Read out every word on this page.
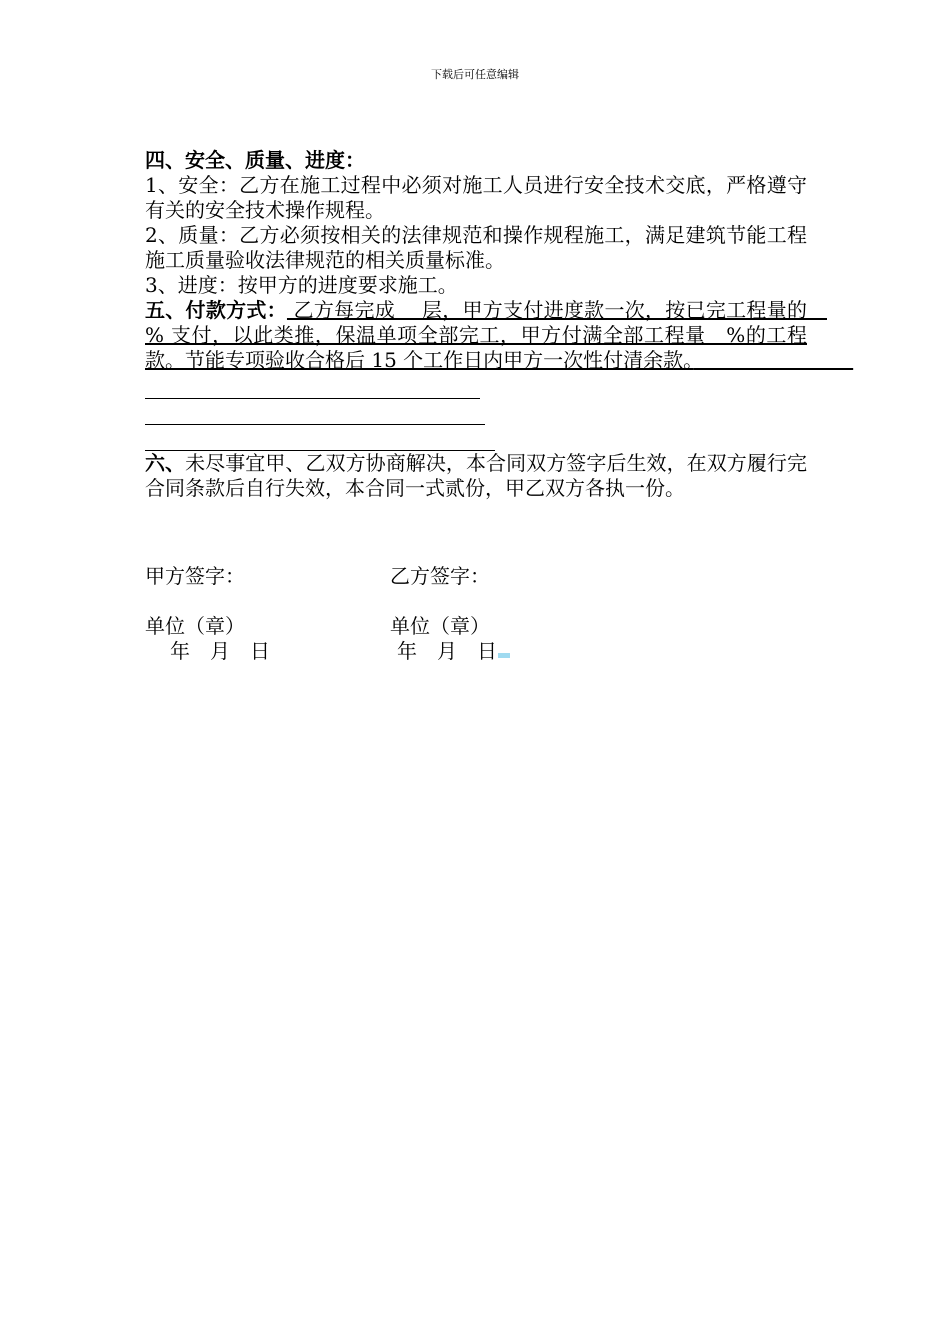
下载后可任意编辑

四、安全、质量、进度：

1、安全：乙方在施工过程中必须对施工人员进行安全技术交底，严格遵守有关的安全技术操作规程。

2、质量：乙方必须按相关的法律规范和操作规程施工，满足建筑节能工程施工质量验收法律规范的相关质量标准。

3、进度：按甲方的进度要求施工。

五、付款方式： 乙方每完成　 层，甲方支付进度款一次，按已完工程量的　% 支付，以此类推，保温单项全部完工，甲方付满全部工程量　%的工程款。节能专项验收合格后 15 个工作日内甲方一次性付清余款。　　　　　　　　

六、未尽事宜甲、乙双方协商解决，本合同双方签字后生效，在双方履行完合同条款后自行失效，本合同一式贰份，甲乙双方各执一份。

甲方签字：	乙方签字：
单位（章）	单位（章）
年　月　日	年　月　日
